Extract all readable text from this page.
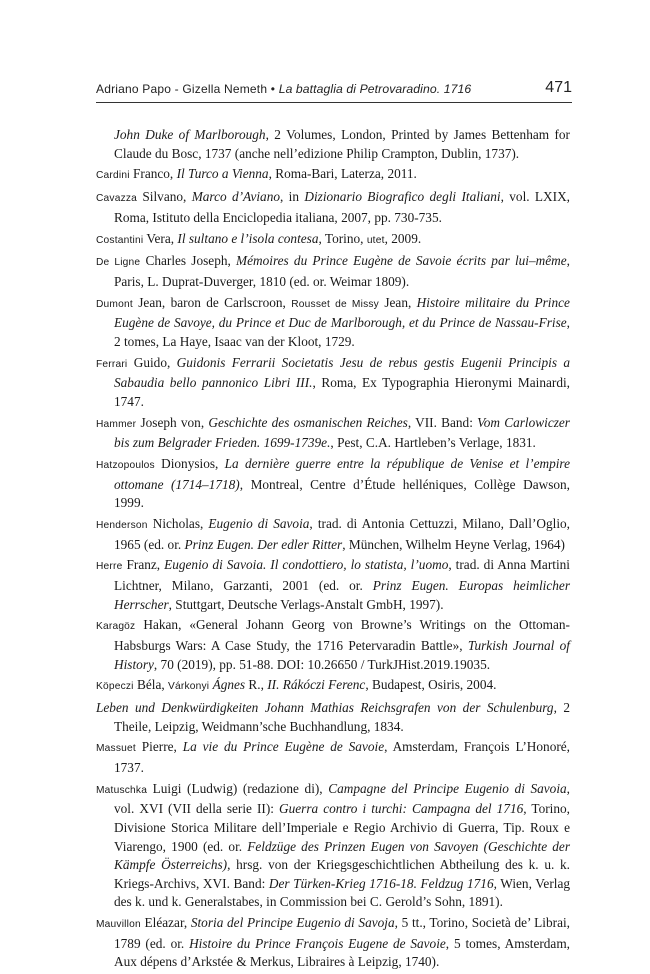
Adriano Papo - Gizella Nemeth • La battaglia di Petrovaradino. 1716	471
John Duke of Marlborough, 2 Volumes, London, Printed by James Bettenham for Claude du Bosc, 1737 (anche nell’edizione Philip Crampton, Dublin, 1737).
Cardini Franco, Il Turco a Vienna, Roma-Bari, Laterza, 2011.
Cavazza Silvano, Marco d’Aviano, in Dizionario Biografico degli Italiani, vol. LXIX, Roma, Istituto della Enciclopedia italiana, 2007, pp. 730-735.
Costantini Vera, Il sultano e l’isola contesa, Torino, utet, 2009.
De Ligne Charles Joseph, Mémoires du Prince Eugène de Savoie écrits par lui–même, Paris, L. Duprat-Duverger, 1810 (ed. or. Weimar 1809).
Dumont Jean, baron de Carlscroon, Rousset de Missy Jean, Histoire militaire du Prince Eugène de Savoye, du Prince et Duc de Marlborough, et du Prince de Nassau-Frise, 2 tomes, La Haye, Isaac van der Kloot, 1729.
Ferrari Guido, Guidonis Ferrarii Societatis Jesu de rebus gestis Eugenii Principis a Sabaudia bello pannonico Libri III., Roma, Ex Typographia Hieronymi Mainardi, 1747.
Hammer Joseph von, Geschichte des osmanischen Reiches, VII. Band: Vom Carlowiczer bis zum Belgrader Frieden. 1699-1739e., Pest, C.A. Hartleben’s Verlage, 1831.
Hatzopoulos Dionysios, La dernière guerre entre la république de Venise et l’empire ottomane (1714–1718), Montreal, Centre d’Étude helléniques, Collège Dawson, 1999.
Henderson Nicholas, Eugenio di Savoia, trad. di Antonia Cettuzzi, Milano, Dall’Oglio, 1965 (ed. or. Prinz Eugen. Der edler Ritter, München, Wilhelm Heyne Verlag, 1964)
Herre Franz, Eugenio di Savoia. Il condottiero, lo statista, l’uomo, trad. di Anna Martini Lichtner, Milano, Garzanti, 2001 (ed. or. Prinz Eugen. Europas heimlicher Herrscher, Stuttgart, Deutsche Verlags-Anstalt GmbH, 1997).
Karagöz Hakan, «General Johann Georg von Browne’s Writings on the Ottoman-Habsburgs Wars: A Case Study, the 1716 Petervaradin Battle», Turkish Journal of History, 70 (2019), pp. 51-88. DOI: 10.26650 / TurkJHist.2019.19035.
Köpeczi Béla, Várkonyi Ágnes R., II. Rákóczi Ferenc, Budapest, Osiris, 2004.
Leben und Denkwürdigkeiten Johann Mathias Reichsgrafen von der Schulenburg, 2 Theile, Leipzig, Weidmann’sche Buchhandlung, 1834.
Massuet Pierre, La vie du Prince Eugène de Savoie, Amsterdam, François L’Honoré, 1737.
Matuschka Luigi (Ludwig) (redazione di), Campagne del Principe Eugenio di Savoia, vol. XVI (VII della serie II): Guerra contro i turchi: Campagna del 1716, Torino, Divisione Storica Militare dell’Imperiale e Regio Archivio di Guerra, Tip. Roux e Viarengo, 1900 (ed. or. Feldzüge des Prinzen Eugen von Savoyen (Geschichte der Kämpfe Österreichs), hrsg. von der Kriegsgeschichtlichen Abtheilung des k. u. k. Kriegs-Archivs, XVI. Band: Der Türken-Krieg 1716-18. Feldzug 1716, Wien, Verlag des k. und k. Generalstabes, in Commission bei C. Gerold’s Sohn, 1891).
Mauvillon Eléazar, Storia del Principe Eugenio di Savoja, 5 tt., Torino, Società de’ Librai, 1789 (ed. or. Histoire du Prince François Eugene de Savoie, 5 tomes, Amsterdam, Aux dépens d’Arkstée & Merkus, Libraires à Leipzig, 1740).
